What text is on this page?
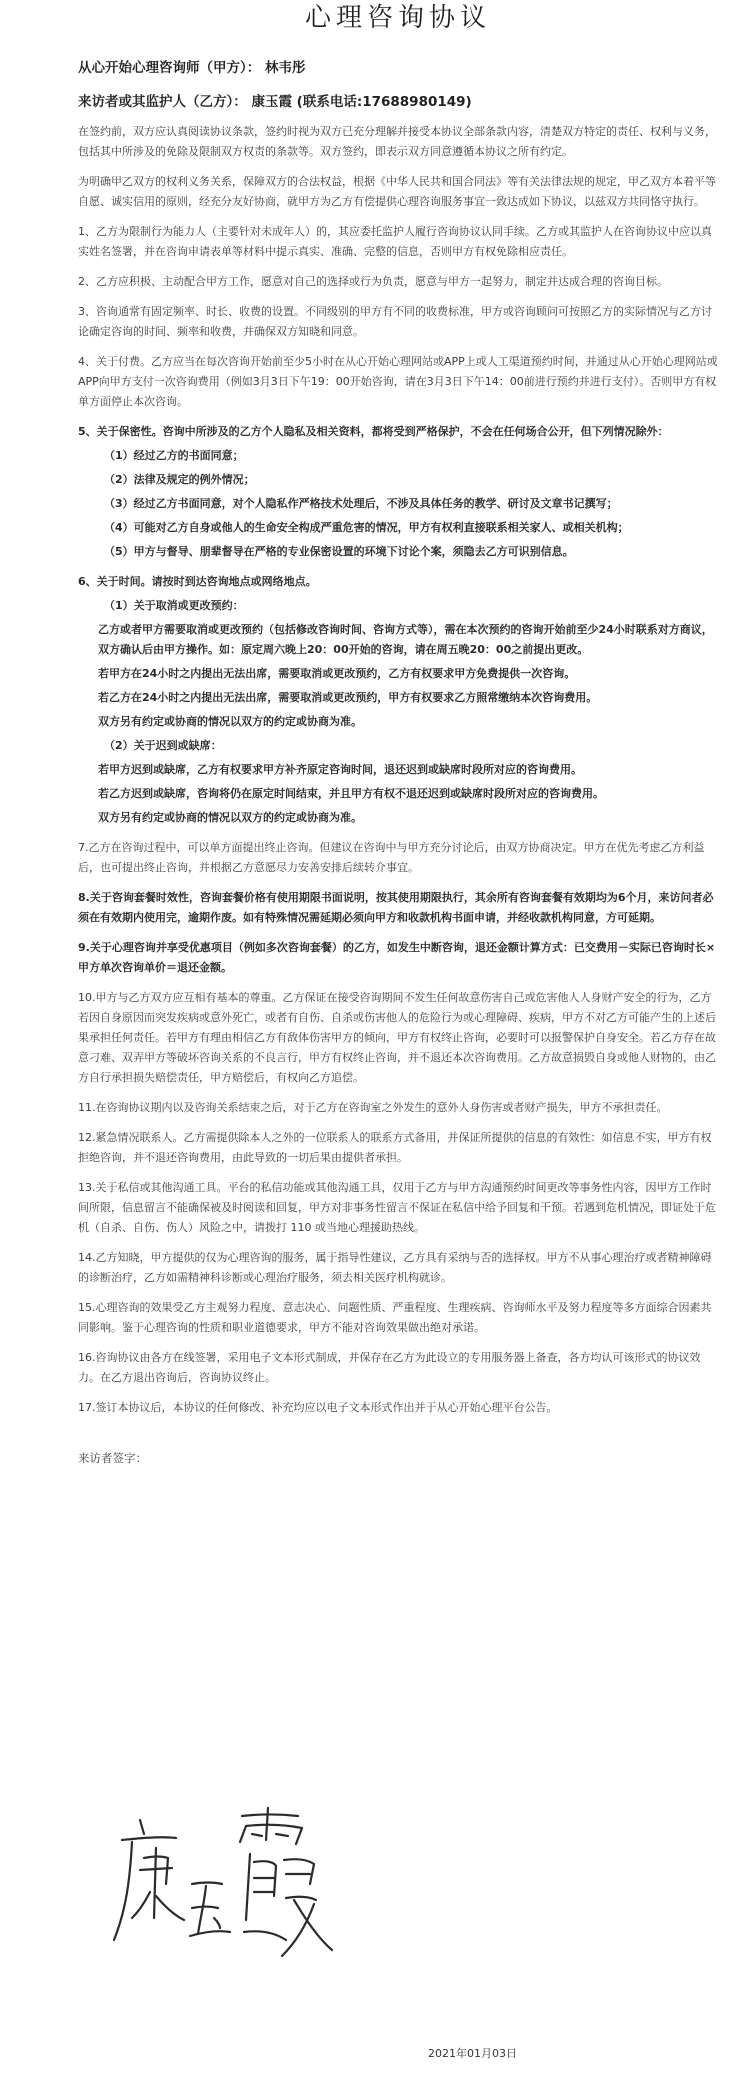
心理咨询协议

从心开始心理咨询师（甲方）： 林韦彤

来访者或其监护人（乙方）： 康玉霞 (联系电话:17688980149)

在签约前，双方应认真阅读协议条款，签约时视为双方已充分理解并接受本协议全部条款内容，清楚双方特定的责任、权利与义务，包括其中所涉及的免除及限制双方权责的条款等。双方签约，即表示双方同意遵循本协议之所有约定。

为明确甲乙双方的权利义务关系，保障双方的合法权益，根据《中华人民共和国合同法》等有关法律法规的规定，甲乙双方本着平等自愿、诚实信用的原则，经充分友好协商，就甲方为乙方有偿提供心理咨询服务事宜一致达成如下协议，以兹双方共同恪守执行。

1、乙方为限制行为能力人（主要针对未成年人）的，其应委托监护人履行咨询协议认同手续。乙方或其监护人在咨询协议中应以真实姓名签署，并在咨询申请表单等材料中提示真实、准确、完整的信息，否则甲方有权免除相应责任。

2、乙方应积极、主动配合甲方工作，愿意对自己的选择或行为负责，愿意与甲方一起努力，制定并达成合理的咨询目标。

3、咨询通常有固定频率、时长、收费的设置。不同级别的甲方有不同的收费标准，甲方或咨询顾问可按照乙方的实际情况与乙方讨论确定咨询的时间、频率和收费，并确保双方知晓和同意。

4、关于付费。乙方应当在每次咨询开始前至少5小时在从心开始心理网站或APP上或人工渠道预约时间，并通过从心开始心理网站或APP向甲方支付一次咨询费用（例如3月3日下午19：00开始咨询，请在3月3日下午14：00前进行预约并进行支付）。否则甲方有权单方面停止本次咨询。

5、关于保密性。咨询中所涉及的乙方个人隐私及相关资料，都将受到严格保护，不会在任何场合公开，但下列情况除外：

（1）经过乙方的书面同意；

（2）法律及规定的例外情况；

（3）经过乙方书面同意，对个人隐私作严格技术处理后，不涉及具体任务的教学、研讨及文章书记撰写；

（4）可能对乙方自身或他人的生命安全构成严重危害的情况，甲方有权利直接联系相关家人、或相关机构；

（5）甲方与督导、朋辈督导在严格的专业保密设置的环境下讨论个案，须隐去乙方可识别信息。

6、关于时间。请按时到达咨询地点或网络地点。

（1）关于取消或更改预约：

乙方或者甲方需要取消或更改预约（包括修改咨询时间、咨询方式等），需在本次预约的咨询开始前至少24小时联系对方商议，双方确认后由甲方操作。如：原定周六晚上20：00开始的咨询，请在周五晚20：00之前提出更改。

若甲方在24小时之内提出无法出席，需要取消或更改预约，乙方有权要求甲方免费提供一次咨询。

若乙方在24小时之内提出无法出席，需要取消或更改预约，甲方有权要求乙方照常缴纳本次咨询费用。

双方另有约定或协商的情况以双方的约定或协商为准。

（2）关于迟到或缺席：

若甲方迟到或缺席，乙方有权要求甲方补齐原定咨询时间，退还迟到或缺席时段所对应的咨询费用。

若乙方迟到或缺席，咨询将仍在原定时间结束，并且甲方有权不退还迟到或缺席时段所对应的咨询费用。

双方另有约定或协商的情况以双方的约定或协商为准。

7.乙方在咨询过程中，可以单方面提出终止咨询。但建议在咨询中与甲方充分讨论后，由双方协商决定。甲方在优先考虑乙方利益后，也可提出终止咨询，并根据乙方意愿尽力安善安排后续转介事宜。

8.关于咨询套餐时效性，咨询套餐价格有使用期限书面说明，按其使用期限执行，其余所有咨询套餐有效期均为6个月，来访问者必须在有效期内使用完，逾期作废。如有特殊情况需延期必须向甲方和收款机构书面申请，并经收款机构同意，方可延期。

9.关于心理咨询并享受优惠项目（例如多次咨询套餐）的乙方，如发生中断咨询，退还金额计算方式：已交费用－实际已咨询时长×甲方单次咨询单价＝退还金额。

10.甲方与乙方双方应互相有基本的尊重。乙方保证在接受咨询期间不发生任何故意伤害自己或危害他人人身财产安全的行为，乙方若因自身原因而突发疾病或意外死亡，或者有自伤、自杀或伤害他人的危险行为或心理障碍、疾病，甲方不对乙方可能产生的上述后果承担任何责任。若甲方有理由相信乙方有敌体伤害甲方的倾向，甲方有权终止咨询，必要时可以报警保护自身安全。若乙方存在故意刁难、双弄甲方等破坏咨询关系的不良言行，甲方有权终止咨询，并不退还本次咨询费用。乙方故意损毁自身或他人财物的，由乙方自行承担损失赔偿责任，甲方赔偿后，有权向乙方追偿。

11.在咨询协议期内以及咨询关系结束之后，对于乙方在咨询室之外发生的意外人身伤害或者财产损失，甲方不承担责任。

12.紧急情况联系人。乙方需提供除本人之外的一位联系人的联系方式备用，并保证所提供的信息的有效性：如信息不实，甲方有权拒绝咨询，并不退还咨询费用，由此导致的一切后果由提供者承担。

13.关于私信或其他沟通工具。平台的私信功能或其他沟通工具，仅用于乙方与甲方沟通预约时间更改等事务性内容，因甲方工作时间所限，信息留言不能确保被及时阅读和回复，甲方对非事务性留言不保证在私信中给予回复和干预。若遇到危机情况，即证处于危机（自杀、自伤、伤人）风险之中，请拨打 110 或当地心理援助热线。

14.乙方知晓，甲方提供的仅为心理咨询的服务，属于指导性建议，乙方具有采纳与否的选择权。甲方不从事心理治疗或者精神障碍的诊断治疗，乙方如需精神科诊断或心理治疗服务，须去相关医疗机构就诊。

15.心理咨询的效果受乙方主观努力程度、意志决心、问题性质、严重程度、生理疾病、咨询师水平及努力程度等多方面综合因素共同影响。鉴于心理咨询的性质和职业道德要求，甲方不能对咨询效果做出绝对承诺。

16.咨询协议由各方在线签署，采用电子文本形式制成，并保存在乙方为此设立的专用服务器上备查，各方均认可该形式的协议效力。在乙方退出咨询后，咨询协议终止。

17.签订本协议后，本协议的任何修改、补充均应以电子文本形式作出并于从心开始心理平台公告。

来访者签字：

2021年01月03日
